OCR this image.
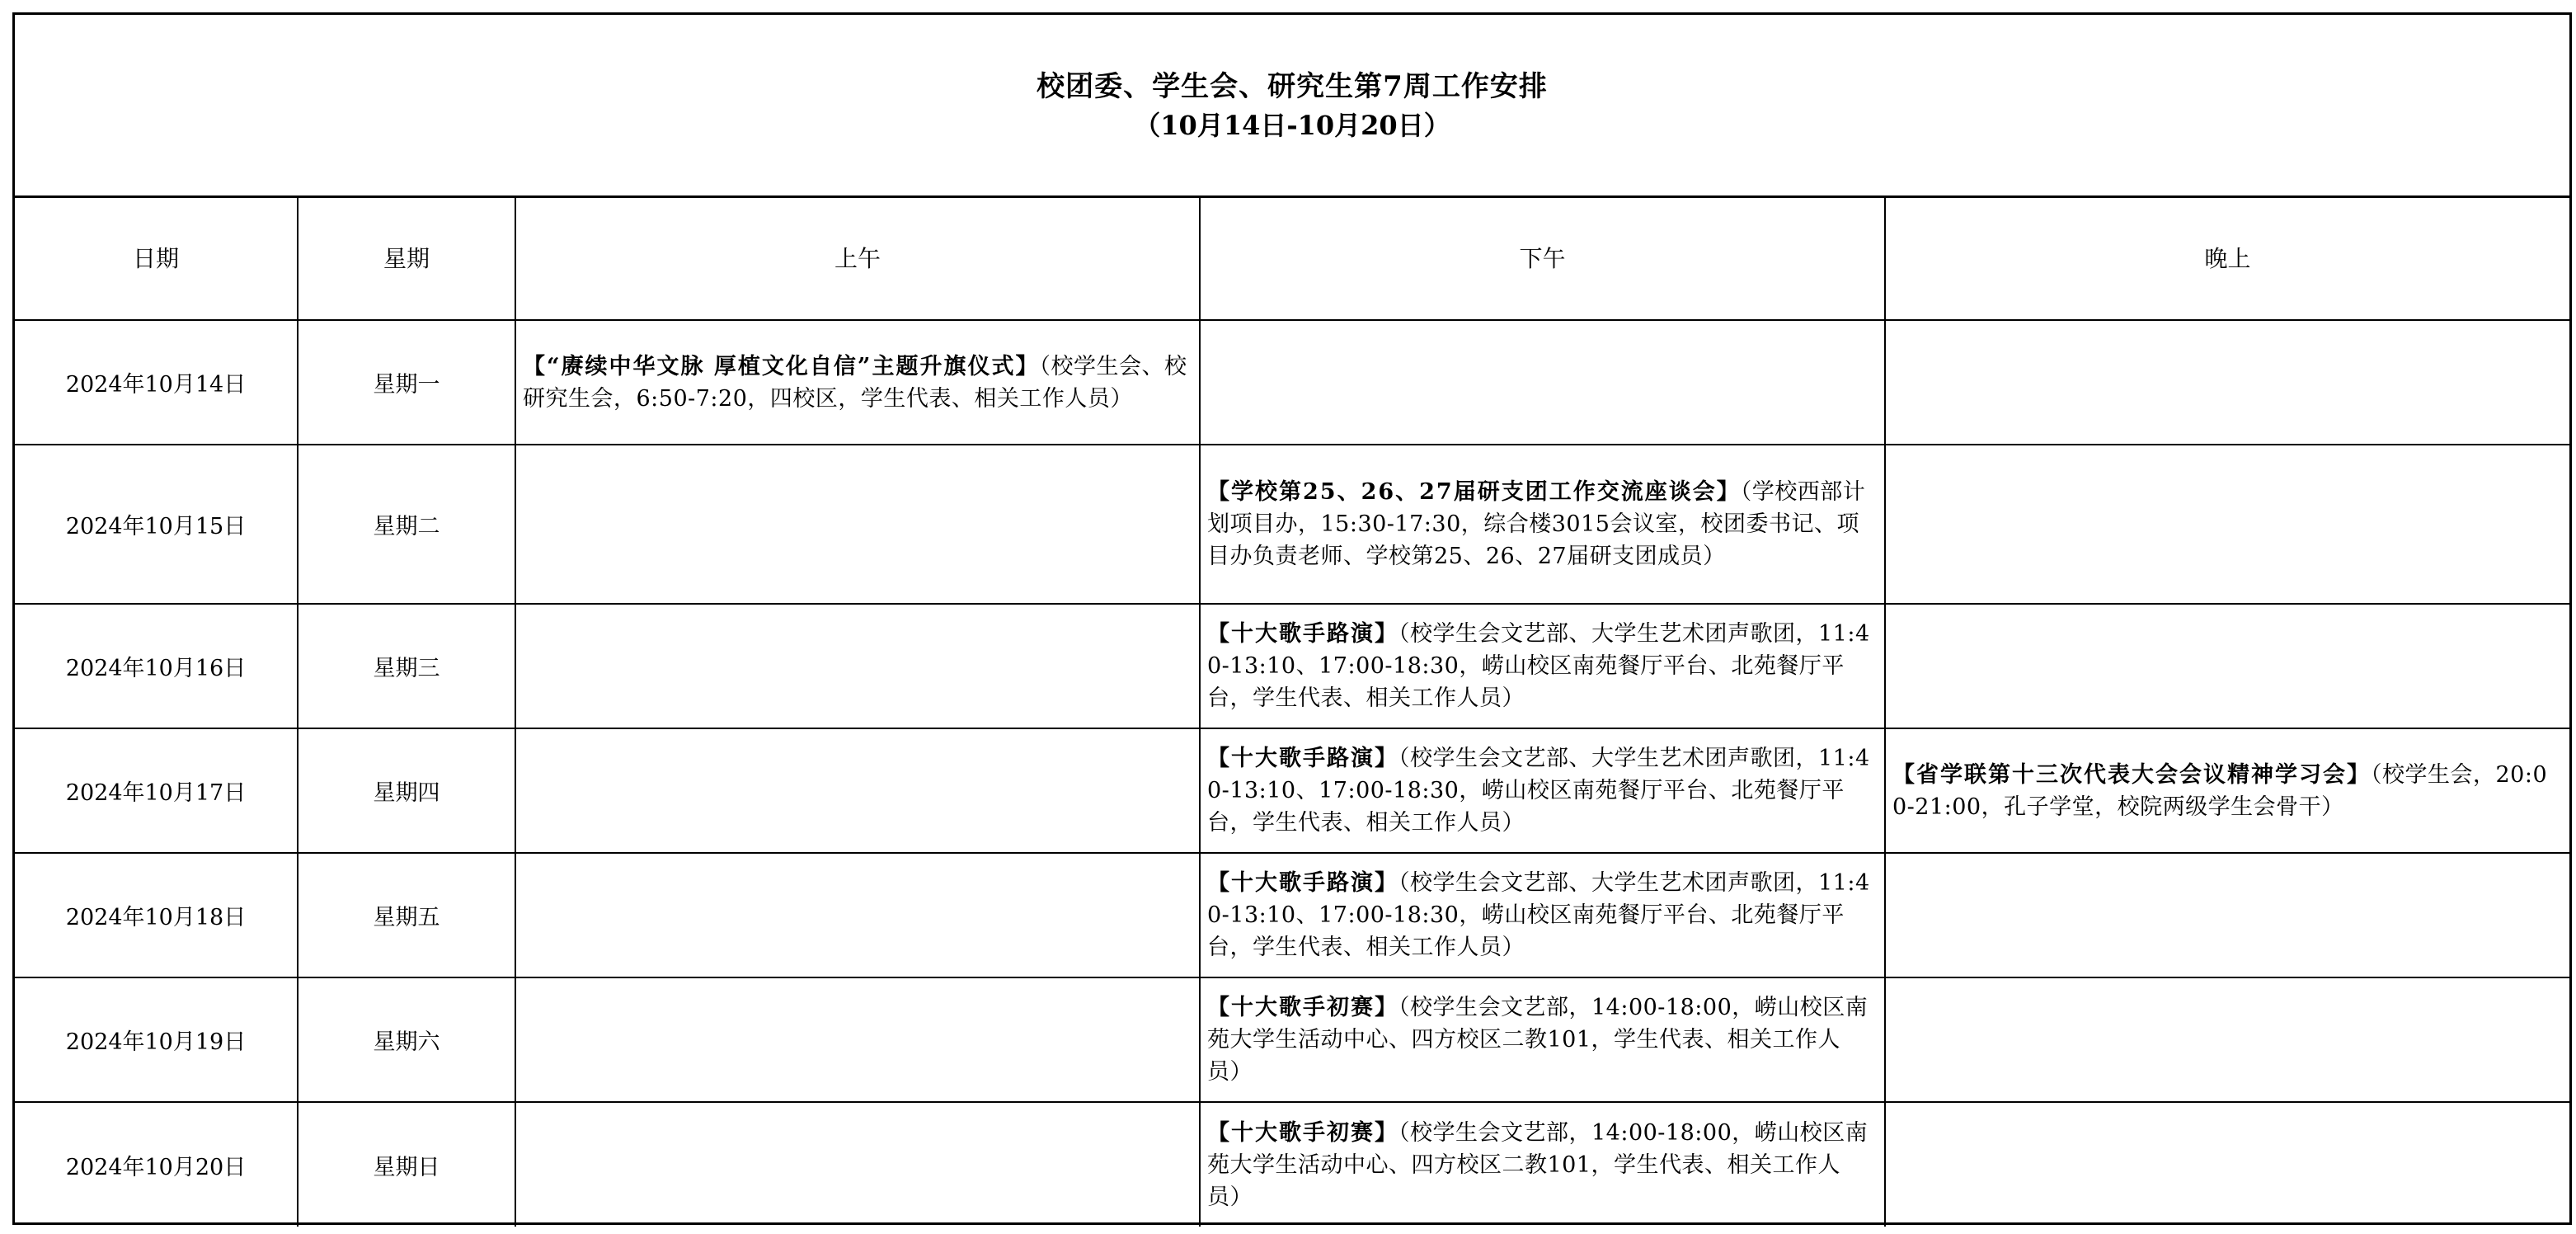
校团委、学生会、研究生第7周工作安排
（10月14日-10月20日）
日期	星期	上午	下午	晚上
2024年10月14日	星期一	【“赓续中华文脉 厚植文化自信”主题升旗仪式】（校学生会、校研究生会，6:50-7:20，四校区，学生代表、相关工作人员）		

2024年10月15日	星期二		【学校第25、26、27届研支团工作交流座谈会】（学校西部计划项目办，15:30-17:30，综合楼3015会议室，校团委书记、项目办负责老师、学校第25、26、27届研支团成员）	

2024年10月16日	星期三		【十大歌手路演】（校学生会文艺部、大学生艺术团声歌团，11:40-13:10、17:00-18:30，崂山校区南苑餐厅平台、北苑餐厅平台，学生代表、相关工作人员）	

2024年10月17日	星期四		【十大歌手路演】（校学生会文艺部、大学生艺术团声歌团，11:40-13:10、17:00-18:30，崂山校区南苑餐厅平台、北苑餐厅平台，学生代表、相关工作人员）	【省学联第十三次代表大会会议精神学习会】（校学生会，20:00-21:00，孔子学堂，校院两级学生会骨干）

2024年10月18日	星期五		【十大歌手路演】（校学生会文艺部、大学生艺术团声歌团，11:40-13:10、17:00-18:30，崂山校区南苑餐厅平台、北苑餐厅平台，学生代表、相关工作人员）	

2024年10月19日	星期六		【十大歌手初赛】（校学生会文艺部，14:00-18:00，崂山校区南苑大学生活动中心、四方校区二教101，学生代表、相关工作人员）	

2024年10月20日	星期日		【十大歌手初赛】（校学生会文艺部，14:00-18:00，崂山校区南苑大学生活动中心、四方校区二教101，学生代表、相关工作人员）	
